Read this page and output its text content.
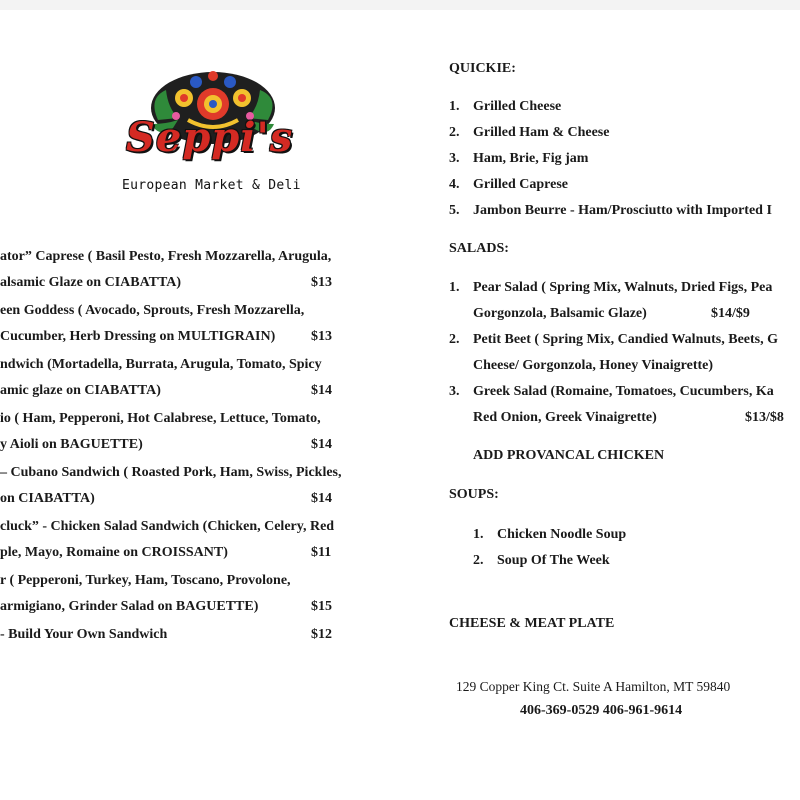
Seppi's
European Market & Deli
ator” Caprese ( Basil Pesto, Fresh Mozzarella, Arugula,
alsamic Glaze on CIABATTA)	$13
een Goddess ( Avocado, Sprouts, Fresh Mozzarella,
Cucumber, Herb Dressing on MULTIGRAIN)	$13
ndwich (Mortadella, Burrata, Arugula, Tomato, Spicy
amic glaze on CIABATTA)	$14
io ( Ham, Pepperoni, Hot Calabrese, Lettuce, Tomato,
y Aioli on BAGUETTE)	$14
– Cubano Sandwich ( Roasted Pork, Ham, Swiss, Pickles,
on CIABATTA)	$14
cluck” - Chicken Salad Sandwich (Chicken, Celery, Red
ple, Mayo, Romaine on CROISSANT)	$11
r ( Pepperoni, Turkey, Ham, Toscano, Provolone,
armigiano, Grinder Salad on BAGUETTE)	$15
- Build Your Own Sandwich	$12
QUICKIE:
1. Grilled Cheese
2. Grilled Ham & Cheese
3. Ham, Brie, Fig jam
4. Grilled Caprese
5. Jambon Beurre - Ham/Prosciutto with Imported I
SALADS:
1. Pear Salad ( Spring Mix, Walnuts, Dried Figs, Pea
Gorgonzola, Balsamic Glaze)	$14/$9
2. Petit Beet ( Spring Mix, Candied Walnuts, Beets, G
Cheese/ Gorgonzola, Honey Vinaigrette)
3. Greek Salad (Romaine, Tomatoes, Cucumbers, Ka
Red Onion, Greek Vinaigrette)	$13/$8
ADD PROVANCAL CHICKEN
SOUPS:
1. Chicken Noodle Soup
2. Soup Of The Week
CHEESE & MEAT PLATE
129 Copper King Ct. Suite A Hamilton, MT 59840
406-369-0529 406-961-9614
